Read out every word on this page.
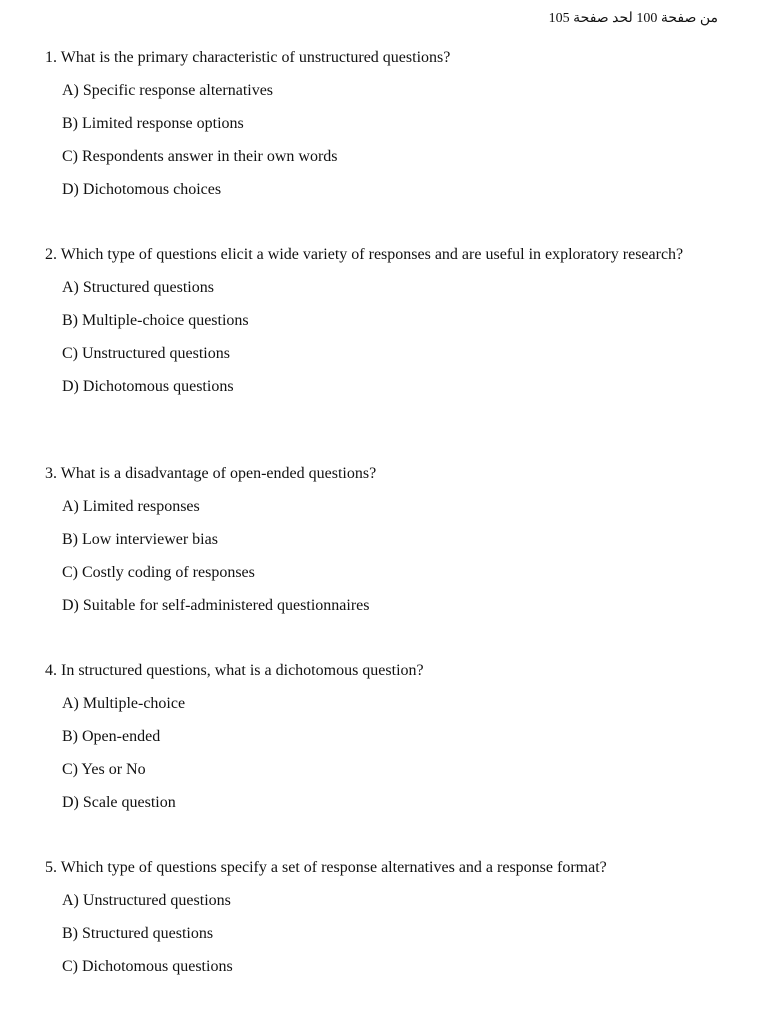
من صفحة 100 لحد صفحة 105

1. What is the primary characteristic of unstructured questions?

A) Specific response alternatives
B) Limited response options
C) Respondents answer in their own words
D) Dichotomous choices

2. Which type of questions elicit a wide variety of responses and are useful in exploratory research?

A) Structured questions
B) Multiple-choice questions
C) Unstructured questions
D) Dichotomous questions

3. What is a disadvantage of open-ended questions?

A) Limited responses
B) Low interviewer bias
C) Costly coding of responses
D) Suitable for self-administered questionnaires

4. In structured questions, what is a dichotomous question?

A) Multiple-choice
B) Open-ended
C) Yes or No
D) Scale question

5. Which type of questions specify a set of response alternatives and a response format?

A) Unstructured questions
B) Structured questions
C) Dichotomous questions
